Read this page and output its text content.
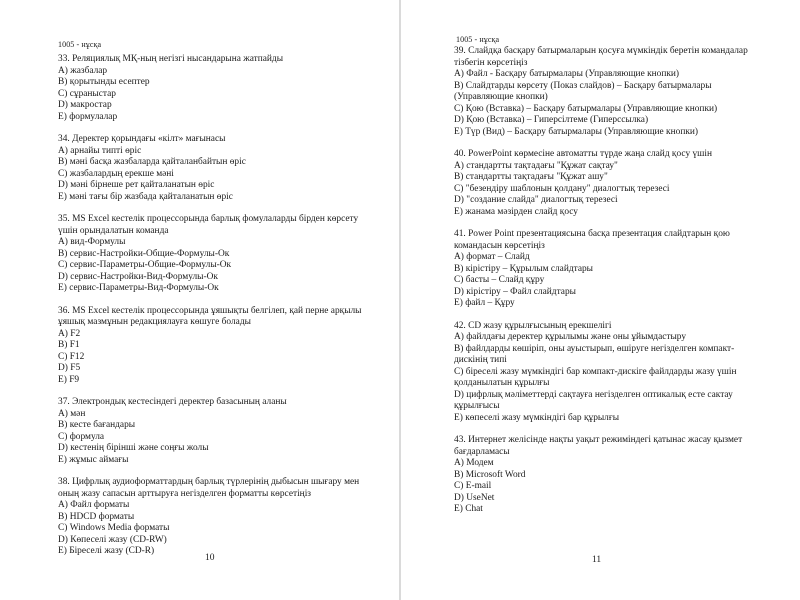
1005 - нұсқа
33. Реляциялық МҚ-ның негізгі нысандарына жатпайды
А) жазбалар
В) қорытынды есептер
С) сұраныстар
D) макростар
Е) формулалар
34. Деректер қорындағы «кілт» мағынасы
А) арнайы типті өріс
В) мәні басқа жазбаларда қайталанбайтын өріс
С) жазбалардың ерекше мәні
D) мәні бірнеше рет қайталанатын өріс
Е) мәні тағы бір жазбада қайталанатын өріс
35. MS Excel кестелік процессорында барлық фомулаларды бірден көрсету үшін орындалатын команда
А) вид-Формулы
В) сервис-Настройки-Общие-Формулы-Ок
С) сервис-Параметры-Общие-Формулы-Ок
D) сервис-Настройки-Вид-Формулы-Ок
Е) сервис-Параметры-Вид-Формулы-Ок
36. MS Excel кестелік процессорында ұяшықты белгілеп, қай перне арқылы ұяшық мазмұнын редакциялауға көшуге болады
А) F2
В) F1
С) F12
D) F5
Е) F9
37. Электрондық кестесіндегі деректер базасының аланы
А) мән
В) кесте бағандары
С) формула
D) кестенің бірінші және соңғы жолы
Е) жұмыс аймағы
38. Цифрлық аудиоформаттардың барлық түрлерінің дыбысын шығару мен оның жазу сапасын арттыруға негізделген форматты көрсетіңіз
А) Файл форматы
В) HDCD форматы
С) Windows Media форматы
D) Көпеселі жазу (CD-RW)
Е) Біреселі жазу (CD-R)
10
1005 - нұсқа
39. Слайдқа басқару батырмаларын қосуға мүмкіндік беретін командалар тізбегін көрсетіңіз
А) Файл - Басқару батырмалары (Управляющие кнопки)
В) Слайдтарды көрсету (Показ слайдов) – Басқару батырмалары (Управляющие кнопки)
С) Қою (Вставка) – Басқару батырмалары (Управляющие кнопки)
D) Қою (Вставка) – Гиперсілтеме (Гиперссылка)
Е) Түр (Вид) – Басқару батырмалары (Управляющие кнопки)
40. PowerPoint көрмесіне автоматты түрде жаңа слайд қосу үшін
А) стандартты тақтадағы "Құжат сақтау"
В) стандартты тақтадағы "Құжат ашу"
С) "безендіру шаблонын қолдану" диалогтық терезесі
D) "создание слайда" диалогтық терезесі
Е) жанама мәзірден слайд қосу
41. Power Point презентациясына басқа презентация слайдтарын қою командасын көрсетіңіз
А) формат – Слайд
В) кірістіру – Құрылым слайдтары
С) басты – Слайд құру
D) кірістіру – Файл слайдтары
Е) файл – Құру
42. CD жазу құрылғысының ерекшелігі
А) файлдағы деректер құрылымы және оны ұйымдастыру
В) файлдарды көшіріп, оны ауыстырып, өшіруге негізделген компакт-дискінің типі
С) біреселі жазу мүмкіндігі бар компакт-дискіге файлдарды жазу үшін қолданылатын құрылғы
D) цифрлық мәліметтерді сақтауға негізделген оптикалық есте сактау құрылғысы
Е) көпеселі жазу мүмкіндігі бар құрылғы
43. Интернет желісінде нақты уақыт режиміндегі қатынас жасау қызмет бағдарламасы
А) Модем
В) Microsoft Word
С) E-mail
D) UseNet
Е) Chat
11
